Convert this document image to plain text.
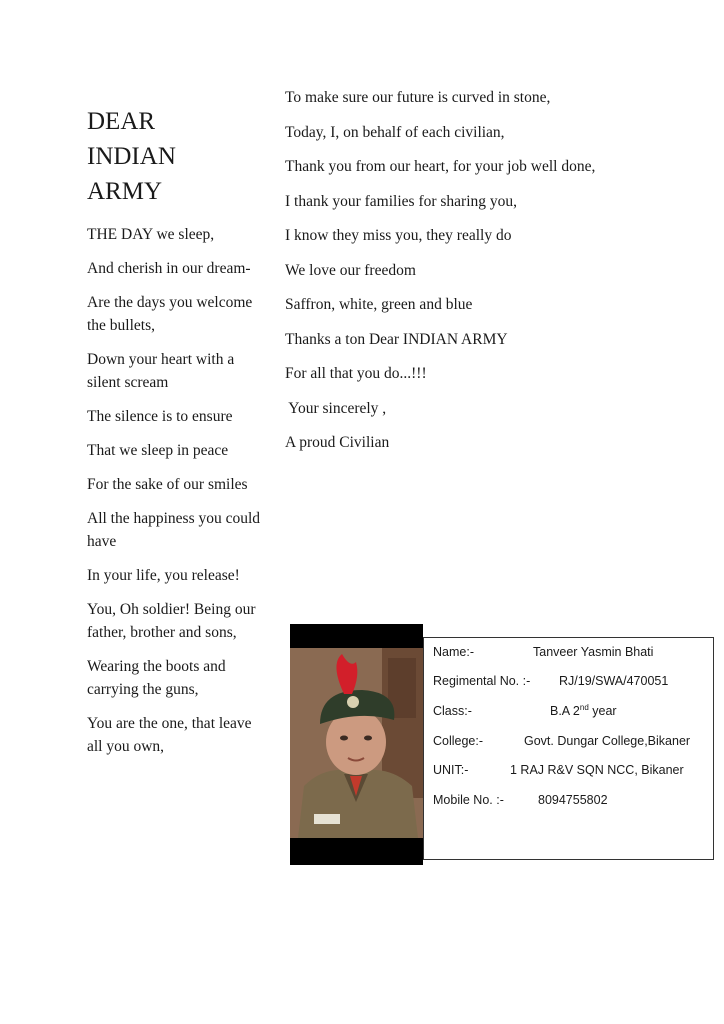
DEAR
INDIAN
ARMY

THE DAY we sleep,

And cherish in our dream-

Are the days you welcome the bullets,

Down your heart with a silent scream

The silence is to ensure

That we sleep in peace

For the sake of our smiles

All the happiness you could have

In your life, you release!

You, Oh soldier! Being our father, brother and sons,

Wearing the boots and carrying the guns,

You are the one, that leave all you own,

To make sure our future is curved in stone,

Today, I, on behalf of each civilian,

Thank you from our heart, for your job well done,

I thank your families for sharing you,

I know they miss you, they really do

We love our freedom

Saffron, white, green and blue

Thanks a ton Dear INDIAN ARMY

For all that you do...!!!

Your sincerely ,

A proud Civilian

Name:-	Tanveer Yasmin Bhati
Regimental No. :- RJ/19/SWA/470051
Class:-	B.A 2nd year
College:-	Govt. Dungar College,Bikaner
UNIT:-	1 RAJ R&V SQN NCC, Bikaner
Mobile No. :-	8094755802
